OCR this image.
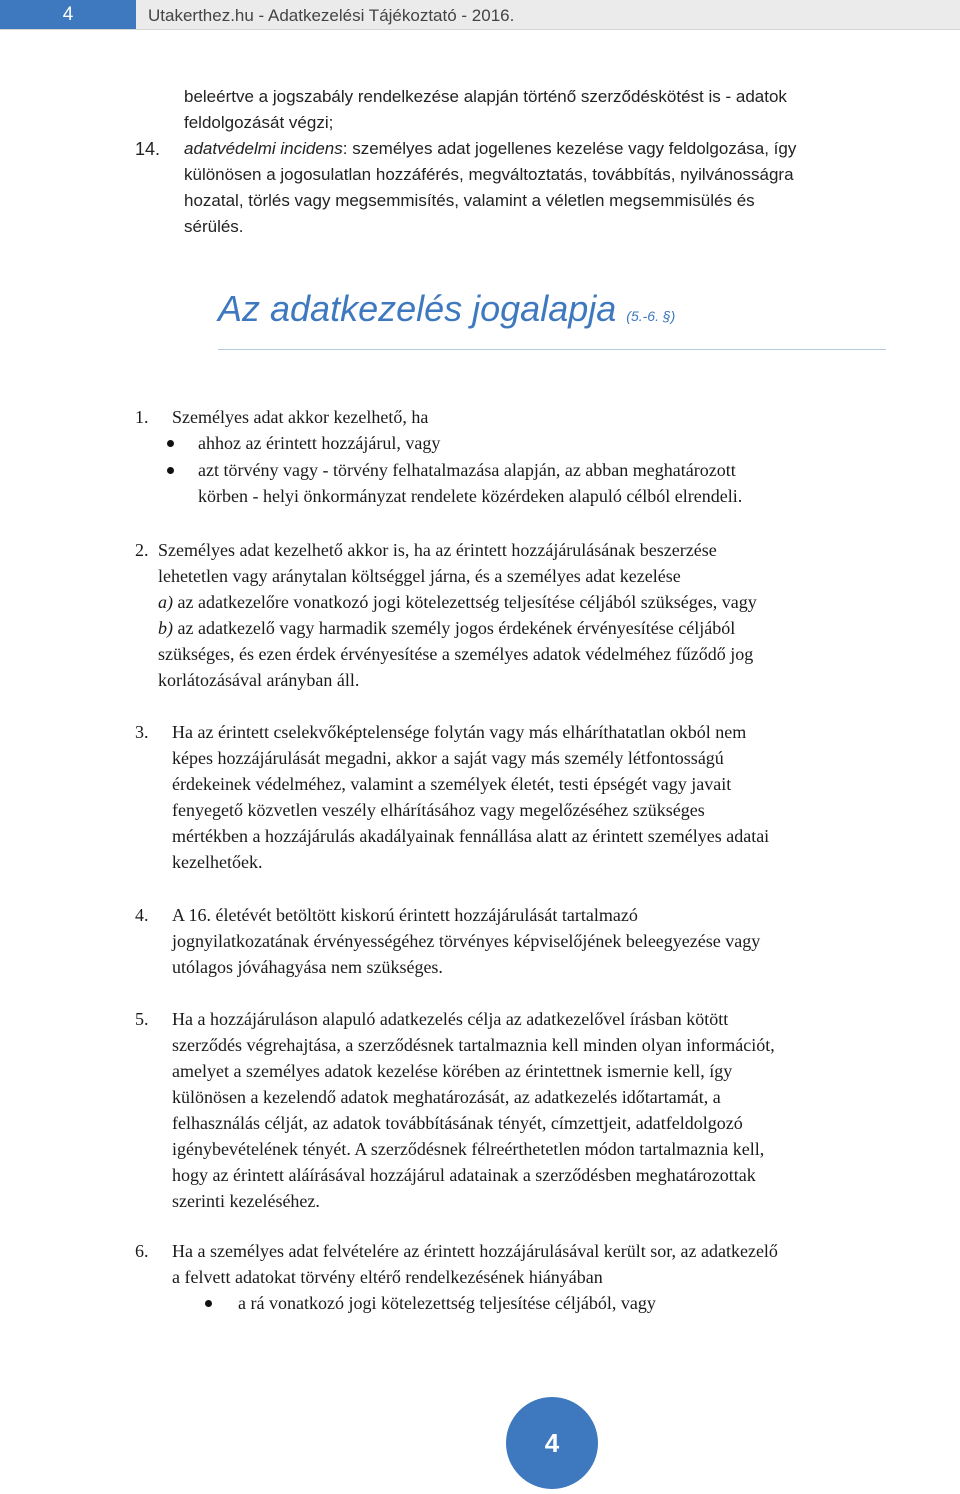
4	Utakerthez.hu - Adatkezelési Tájékoztató - 2016.
beleértve a jogszabály rendelkezése alapján történő szerződéskötést is - adatok
feldolgozását végzi;
14. adatvédelmi incidens: személyes adat jogellenes kezelése vagy feldolgozása, így
különösen a jogosulatlan hozzáférés, megváltoztatás, továbbítás, nyilvánosságra
hozatal, törlés vagy megsemmisítés, valamint a véletlen megsemmisülés és
sérülés.
Az adatkezelés jogalapja (5.-6. §)
1. Személyes adat akkor kezelhető, ha
ahhoz az érintett hozzájárul, vagy
azt törvény vagy - törvény felhatalmazása alapján, az abban meghatározott
körben - helyi önkormányzat rendelete közérdeken alapuló célból elrendeli.
2. Személyes adat kezelhető akkor is, ha az érintett hozzájárulásának beszerzése
lehetetlen vagy aránytalan költséggel járna, és a személyes adat kezelése
a) az adatkezelőre vonatkozó jogi kötelezettség teljesítése céljából szükséges, vagy
b) az adatkezelő vagy harmadik személy jogos érdekének érvényesítése céljából
szükséges, és ezen érdek érvényesítése a személyes adatok védelméhez fűződő jog
korlátozásával arányban áll.
3. Ha az érintett cselekvőképtelensége folytán vagy más elháríthatatlan okból nem
képes hozzájárulását megadni, akkor a saját vagy más személy létfontosságú
érdekeinek védelméhez, valamint a személyek életét, testi épségét vagy javait
fenyegető közvetlen veszély elhárításához vagy megelőzéséhez szükséges
mértékben a hozzájárulás akadályainak fennállása alatt az érintett személyes adatai
kezelhetőek.
4. A 16. életévét betöltött kiskorú érintett hozzájárulását tartalmazó
jognyilatkozatának érvényességéhez törvényes képviselőjének beleegyezése vagy
utólagos jóváhagyása nem szükséges.
5. Ha a hozzájáruláson alapuló adatkezelés célja az adatkezelővel írásban kötött
szerződés végrehajtása, a szerződésnek tartalmaznia kell minden olyan információt,
amelyet a személyes adatok kezelése körében az érintettnek ismernie kell, így
különösen a kezelendő adatok meghatározását, az adatkezelés időtartamát, a
felhasználás célját, az adatok továbbításának tényét, címzettjeit, adatfeldolgozó
igénybevételének tényét. A szerződésnek félreérthetetlen módon tartalmaznia kell,
hogy az érintett aláírásával hozzájárul adatainak a szerződésben meghatározottak
szerinti kezeléséhez.
6. Ha a személyes adat felvételére az érintett hozzájárulásával került sor, az adatkezelő
a felvett adatokat törvény eltérő rendelkezésének hiányában
a rá vonatkozó jogi kötelezettség teljesítése céljából, vagy
4
